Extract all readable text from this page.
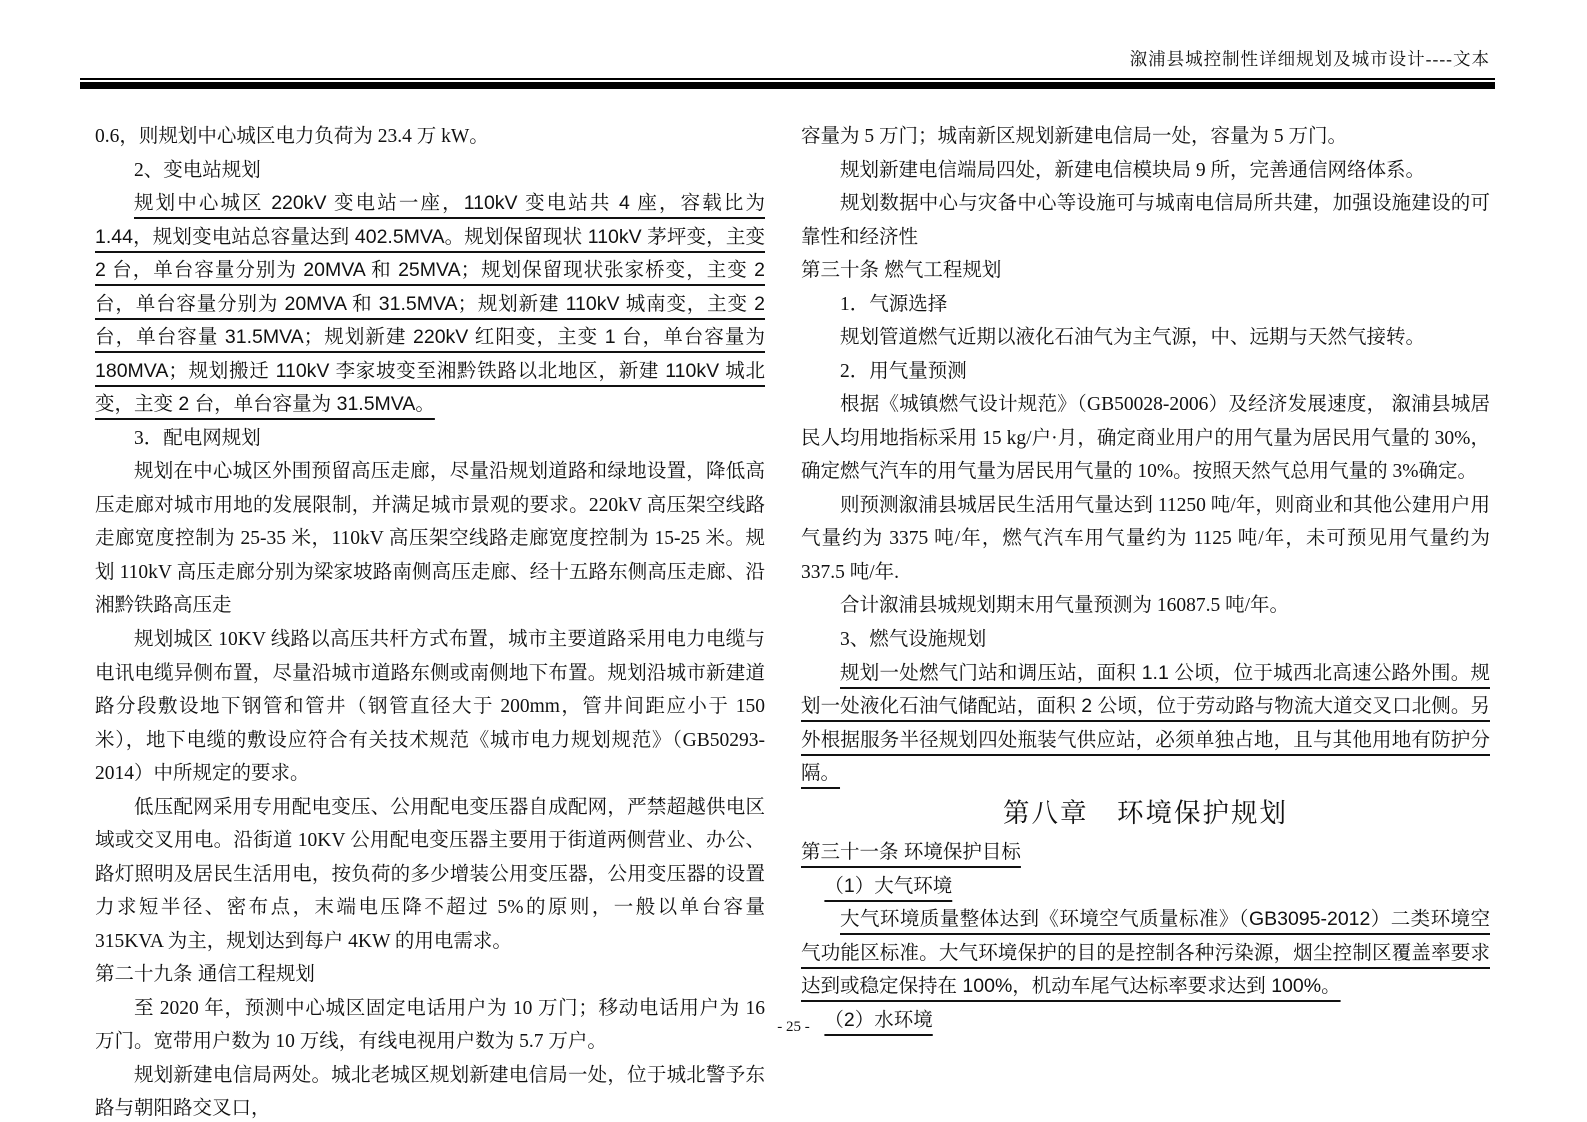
溆浦县城控制性详细规划及城市设计----文本

0.6，则规划中心城区电力负荷为 23.4 万 kW。

2、变电站规划

规划中心城区 220kV 变电站一座，110kV 变电站共 4 座，容载比为 1.44，规划变电站总容量达到 402.5MVA。规划保留现状 110kV 茅坪变，主变 2 台，单台容量分别为 20MVA 和 25MVA；规划保留现状张家桥变，主变 2 台，单台容量分别为 20MVA 和 31.5MVA；规划新建 110kV 城南变，主变 2 台，单台容量 31.5MVA；规划新建 220kV 红阳变，主变 1 台，单台容量为 180MVA；规划搬迁 110kV 李家坡变至湘黔铁路以北地区，新建 110kV 城北变，主变 2 台，单台容量为 31.5MVA。

3．配电网规划

规划在中心城区外围预留高压走廊，尽量沿规划道路和绿地设置，降低高压走廊对城市用地的发展限制，并满足城市景观的要求。220kV 高压架空线路走廊宽度控制为 25-35 米，110kV 高压架空线路走廊宽度控制为 15-25 米。规划 110kV 高压走廊分别为梁家坡路南侧高压走廊、经十五路东侧高压走廊、沿湘黔铁路高压走

规划城区 10KV 线路以高压共杆方式布置，城市主要道路采用电力电缆与电讯电缆异侧布置，尽量沿城市道路东侧或南侧地下布置。规划沿城市新建道路分段敷设地下钢管和管井（钢管直径大于 200mm，管井间距应小于 150 米），地下电缆的敷设应符合有关技术规范《城市电力规划规范》（GB50293-2014）中所规定的要求。

低压配网采用专用配电变压、公用配电变压器自成配网，严禁超越供电区域或交叉用电。沿街道 10KV 公用配电变压器主要用于街道两侧营业、办公、路灯照明及居民生活用电，按负荷的多少增装公用变压器，公用变压器的设置力求短半径、密布点，末端电压降不超过 5%的原则，一般以单台容量 315KVA 为主，规划达到每户 4KW 的用电需求。

第二十九条 通信工程规划

至 2020 年，预测中心城区固定电话用户为 10 万门；移动电话用户为 16 万门。宽带用户数为 10 万线，有线电视用户数为 5.7 万户。

规划新建电信局两处。城北老城区规划新建电信局一处，位于城北警予东路与朝阳路交叉口，

容量为 5 万门；城南新区规划新建电信局一处，容量为 5 万门。

规划新建电信端局四处，新建电信模块局 9 所，完善通信网络体系。

规划数据中心与灾备中心等设施可与城南电信局所共建，加强设施建设的可靠性和经济性

第三十条 燃气工程规划

1．气源选择

规划管道燃气近期以液化石油气为主气源，中、远期与天然气接转。

2．用气量预测

根据《城镇燃气设计规范》（GB50028-2006）及经济发展速度， 溆浦县城居民人均用地指标采用 15 kg/户·月，确定商业用户的用气量为居民用气量的 30%，确定燃气汽车的用气量为居民用气量的 10%。按照天然气总用气量的 3%确定。

则预测溆浦县城居民生活用气量达到 11250 吨/年，则商业和其他公建用户用气量约为 3375 吨/年，燃气汽车用气量约为 1125 吨/年，未可预见用气量约为 337.5 吨/年.

合计溆浦县城规划期末用气量预测为 16087.5 吨/年。

3、燃气设施规划

规划一处燃气门站和调压站，面积 1.1 公顷，位于城西北高速公路外围。规划一处液化石油气储配站，面积 2 公顷，位于劳动路与物流大道交叉口北侧。另外根据服务半径规划四处瓶装气供应站，必须单独占地，且与其他用地有防护分隔。

第八章　环境保护规划
第三十一条 环境保护目标
（1）大气环境

大气环境质量整体达到《环境空气质量标准》（GB3095-2012）二类环境空气功能区标准。大气环境保护的目的是控制各种污染源，烟尘控制区覆盖率要求达到或稳定保持在 100%，机动车尾气达标率要求达到 100%。

（2）水环境
- 25 -
